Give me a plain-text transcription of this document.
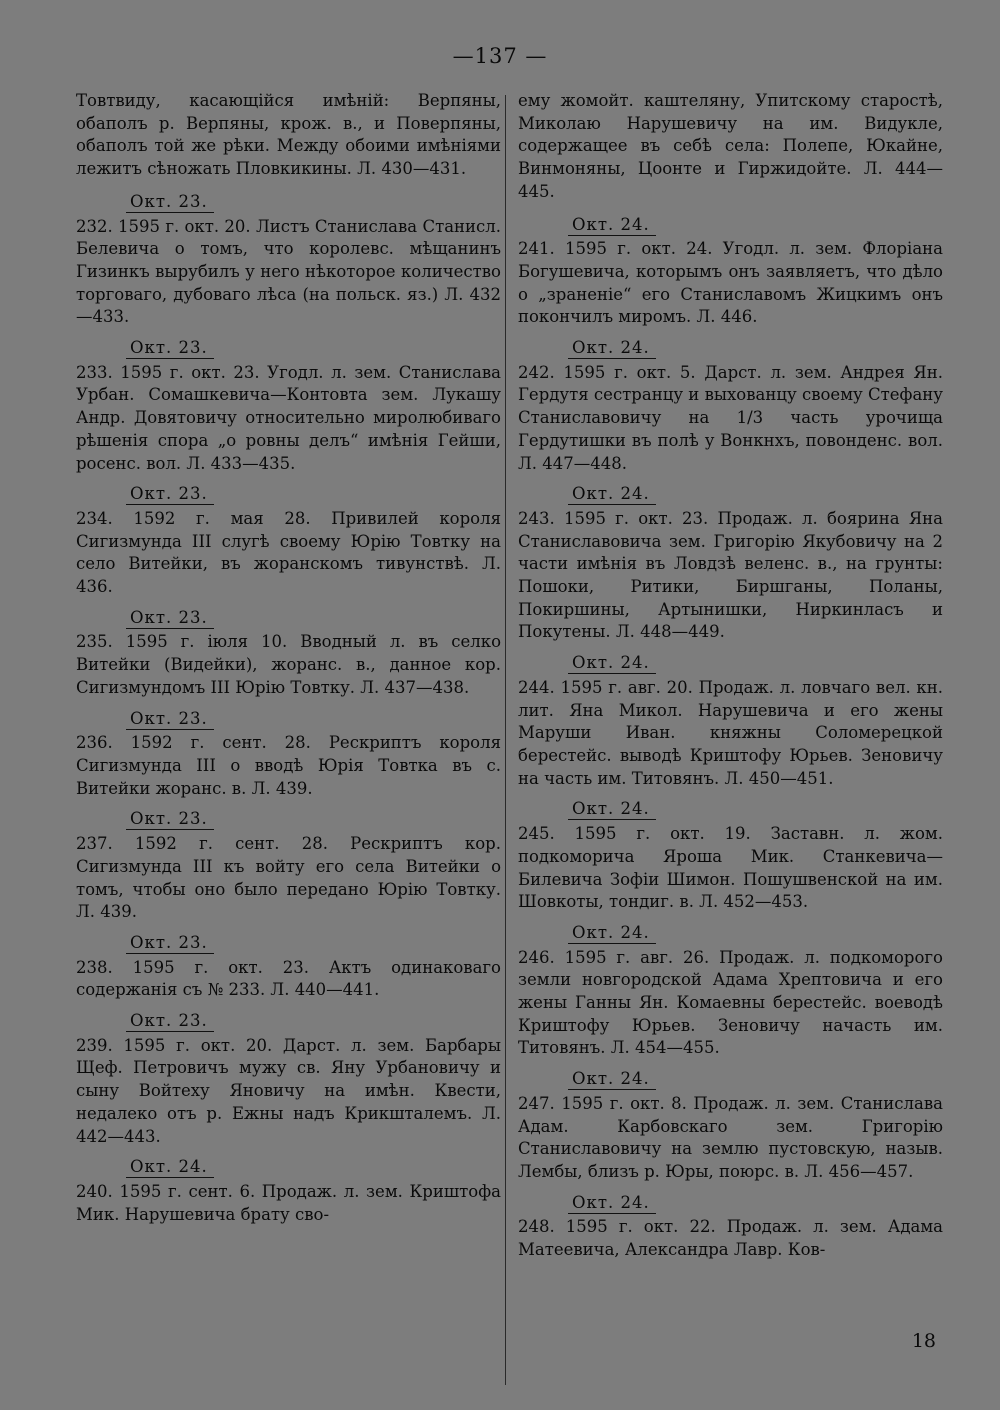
—137 —
Товтвиду, касающійся имѣній: Верпяны, обаполъ р. Верпяны, крож. в., и Поверпяны, обаполъ той же рѣки. Между обоими имѣніями лежитъ сѣножать Пловкикины. Л. 430—431.
Окт. 23.
232. 1595 г. окт. 20. Листъ Станислава Станисл. Белевича о томъ, что королевс. мѣщанинъ Гизинкъ вырубилъ у него нѣкоторое количество торговаго, дубоваго лѣса (на польск. яз.) Л. 432—433.
Окт. 23.
233. 1595 г. окт. 23. Угодл. л. зем. Станислава Урбан. Сомашкевича—Контовта зем. Лукашу Андр. Довятовичу относительно миролюбиваго рѣшенія спора „о ровны делъ“ имѣнія Гейши, росенс. вол. Л. 433—435.
Окт. 23.
234. 1592 г. мая 28. Привилей короля Сигизмунда III слугѣ своему Юрію Товтку на село Витейки, въ жоранскомъ тивунствѣ. Л. 436.
Окт. 23.
235. 1595 г. іюля 10. Вводный л. въ селко Витейки (Видейки), жоранс. в., данное кор. Сигизмундомъ III Юрію Товтку. Л. 437—438.
Окт. 23.
236. 1592 г. сент. 28. Рескриптъ короля Сигизмунда III о вводѣ Юрія Товтка въ с. Витейки жоранс. в. Л. 439.
Окт. 23.
237. 1592 г. сент. 28. Рескриптъ кор. Сигизмунда III къ войту его села Витейки о томъ, чтобы оно было передано Юрію Товтку. Л. 439.
Окт. 23.
238. 1595 г. окт. 23. Актъ одинаковаго содержанія съ № 233. Л. 440—441.
Окт. 23.
239. 1595 г. окт. 20. Дарст. л. зем. Барбары Щеф. Петровичъ мужу св. Яну Урбановичу и сыну Войтеху Яновичу на имѣн. Квести, недалеко отъ р. Ежны надъ Крикшталемъ. Л. 442—443.
Окт. 24.
240. 1595 г. сент. 6. Продаж. л. зем. Криштофа Мик. Нарушевича брату сво-
ему жомойт. каштеляну, Упитскому старостѣ, Миколаю Нарушевичу на им. Видукле, содержащее въ себѣ села: Полепе, Юкайне, Винмоняны, Цоонте и Гиржидойте. Л. 444—445.
Окт. 24.
241. 1595 г. окт. 24. Угодл. л. зем. Флоріана Богушевича, которымъ онъ заявляетъ, что дѣло о „зраненіе“ его Станиславомъ Жицкимъ онъ покончилъ миромъ. Л. 446.
Окт. 24.
242. 1595 г. окт. 5. Дарст. л. зем. Андрея Ян. Гердутя сестранцу и выхованцу своему Стефану Станиславовичу на 1/3 часть урочища Гердутишки въ полѣ у Вонкнхъ, повонденс. вол. Л. 447—448.
Окт. 24.
243. 1595 г. окт. 23. Продаж. л. боярина Яна Станиславовича зем. Григорію Якубовичу на 2 части имѣнія въ Ловдзѣ веленс. в., на грунты: Пошоки, Ритики, Биршганы, Поланы, Покиршины, Артынишки, Ниркинласъ и Покутены. Л. 448—449.
Окт. 24.
244. 1595 г. авг. 20. Продаж. л. ловчаго вел. кн. лит. Яна Микол. Нарушевича и его жены Маруши Иван. княжны Соломерецкой берестейс. выводѣ Криштофу Юрьев. Зеновичу на часть им. Титовянъ. Л. 450—451.
Окт. 24.
245. 1595 г. окт. 19. Заставн. л. жом. подкоморича Ярошa Мик. Станкевича—Билевича Зофіи Шимон. Пошушвенской на им. Шовкоты, тондиг. в. Л. 452—453.
Окт. 24.
246. 1595 г. авг. 26. Продаж. л. подкоморого земли новгородской Адама Хрептовича и его жены Ганны Ян. Комаевны берестейс. воеводѣ Криштофу Юрьев. Зеновичу начасть им. Титовянъ. Л. 454—455.
Окт. 24.
247. 1595 г. окт. 8. Продаж. л. зем. Станислава Адам. Карбовскаго зем. Григорію Станиславовичу на землю пустовскую, назыв. Лембы, близъ р. Юры, поюрс. в. Л. 456—457.
Окт. 24.
248. 1595 г. окт. 22. Продаж. л. зем. Адама Матеевича, Александра Лавр. Ков-
18
